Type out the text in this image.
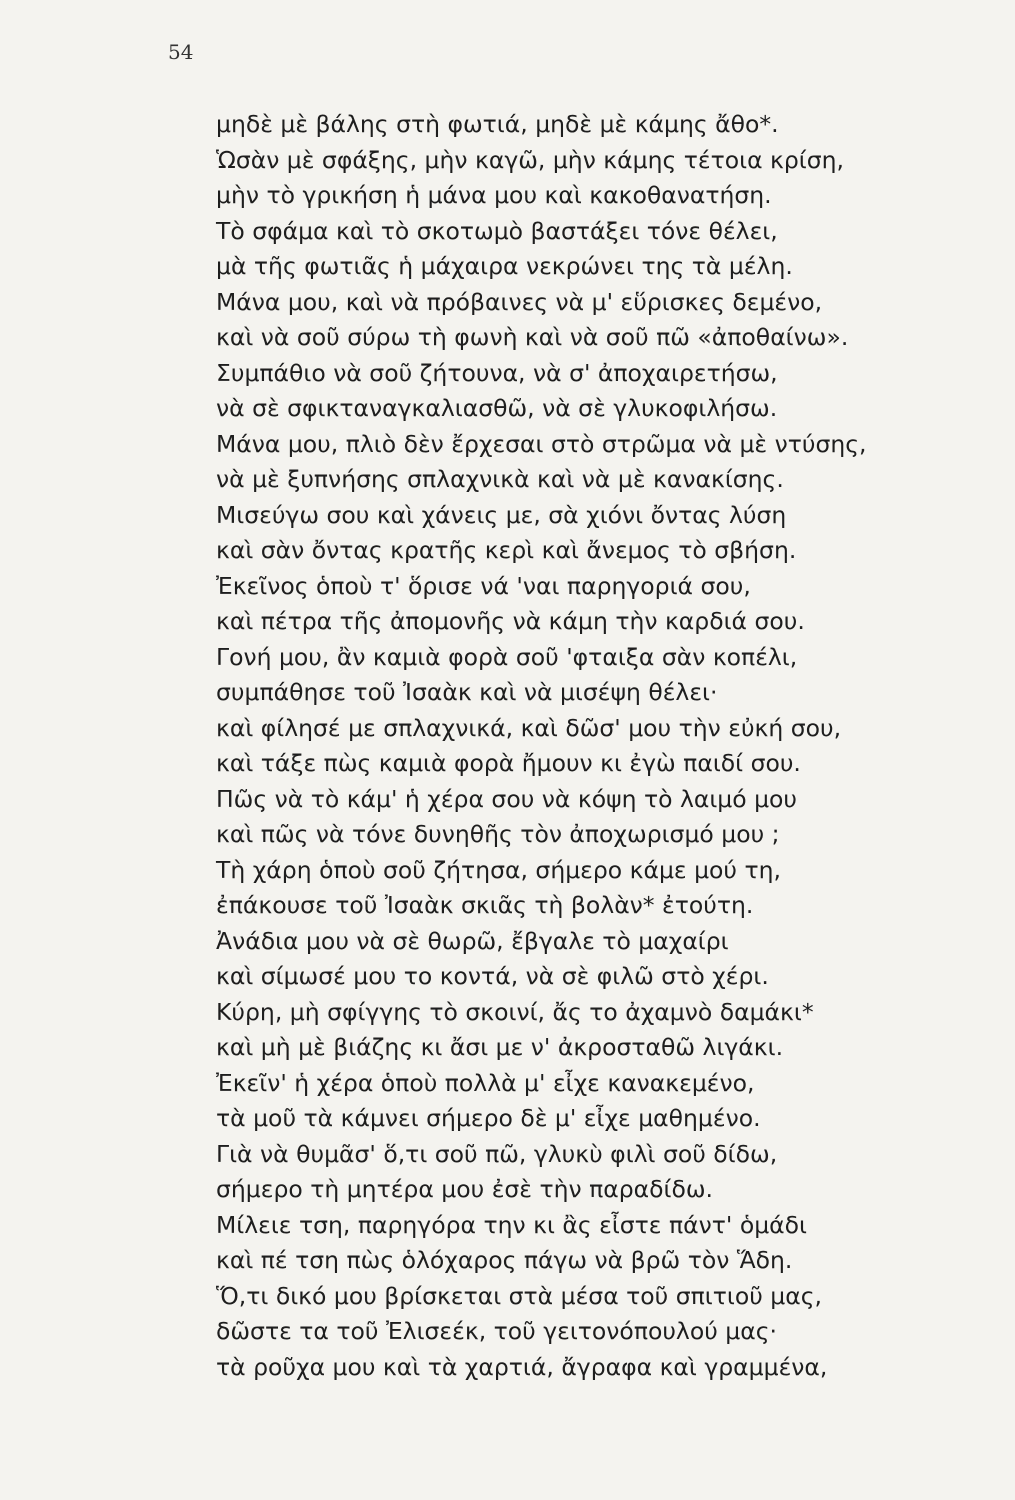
54
μηδὲ μὲ βάλης στὴ φωτιά, μηδὲ μὲ κάμης ἄθο*.
Ὡσὰν μὲ σφάξης, μὴν καγῶ, μὴν κάμης τέτοια κρίση,
μὴν τὸ γρικήση ἡ μάνα μου καὶ κακοθανατήση.
Τὸ σφάμα καὶ τὸ σκοτωμὸ βαστάξει τόνε θέλει,
μὰ τῆς φωτιᾶς ἡ μάχαιρα νεκρώνει της τὰ μέλη.
Μάνα μου, καὶ νὰ πρόβαινες νὰ μ' εὕρισκες δεμένο,
καὶ νὰ σοῦ σύρω τὴ φωνὴ καὶ νὰ σοῦ πῶ «ἀποθαίνω».
Συμπάθιο νὰ σοῦ ζήτουνα, νὰ σ' ἀποχαιρετήσω,
νὰ σὲ σφικταναγκαλιασθῶ, νὰ σὲ γλυκοφιλήσω.
Μάνα μου, πλιὸ δὲν ἔρχεσαι στὸ στρῶμα νὰ μὲ ντύσης,
νὰ μὲ ξυπνήσης σπλαχνικὰ καὶ νὰ μὲ κανακίσης.
Μισεύγω σου καὶ χάνεις με, σὰ χιόνι ὄντας λύση
καὶ σὰν ὄντας κρατῆς κερὶ καὶ ἄνεμος τὸ σβήση.
Ἐκεῖνος ὁποὺ τ' ὅρισε νά 'ναι παρηγοριά σου,
καὶ πέτρα τῆς ἀπομονῆς νὰ κάμη τὴν καρδιά σου.
Γονή μου, ἂν καμιὰ φορὰ σοῦ 'φταιξα σὰν κοπέλι,
συμπάθησε τοῦ Ἰσαὰκ καὶ νὰ μισέψη θέλει·
καὶ φίλησέ με σπλαχνικά, καὶ δῶσ' μου τὴν εὐκή σου,
καὶ τάξε πὼς καμιὰ φορὰ ἤμουν κι ἐγὼ παιδί σου.
Πῶς νὰ τὸ κάμ' ἡ χέρα σου νὰ κόψη τὸ λαιμό μου
καὶ πῶς νὰ τόνε δυνηθῆς τὸν ἀποχωρισμό μου ;
Τὴ χάρη ὁποὺ σοῦ ζήτησα, σήμερο κάμε μού τη,
ἐπάκουσε τοῦ Ἰσαὰκ σκιᾶς τὴ βολὰν* ἐτούτη.
Ἀνάδια μου νὰ σὲ θωρῶ, ἔβγαλε τὸ μαχαίρι
καὶ σίμωσέ μου το κοντά, νὰ σὲ φιλῶ στὸ χέρι.
Κύρη, μὴ σφίγγης τὸ σκοινί, ἄς το ἀχαμνὸ δαμάκι*
καὶ μὴ μὲ βιάζης κι ἄσι με ν' ἀκροσταθῶ λιγάκι.
Ἐκεῖν' ἡ χέρα ὁποὺ πολλὰ μ' εἶχε κανακεμένο,
τὰ μοῦ τὰ κάμνει σήμερο δὲ μ' εἶχε μαθημένο.
Γιὰ νὰ θυμᾶσ' ὅ,τι σοῦ πῶ, γλυκὺ φιλὶ σοῦ δίδω,
σήμερο τὴ μητέρα μου ἐσὲ τὴν παραδίδω.
Μίλειε τση, παρηγόρα την κι ἂς εἶστε πάντ' ὁμάδι
καὶ πέ τση πὼς ὁλόχαρος πάγω νὰ βρῶ τὸν Ἅδη.
Ὅ,τι δικό μου βρίσκεται στὰ μέσα τοῦ σπιτιοῦ μας,
δῶστε τα τοῦ Ἐλισεέκ, τοῦ γειτονόπουλού μας·
τὰ ροῦχα μου καὶ τὰ χαρτιά, ἄγραφα καὶ γραμμένα,
